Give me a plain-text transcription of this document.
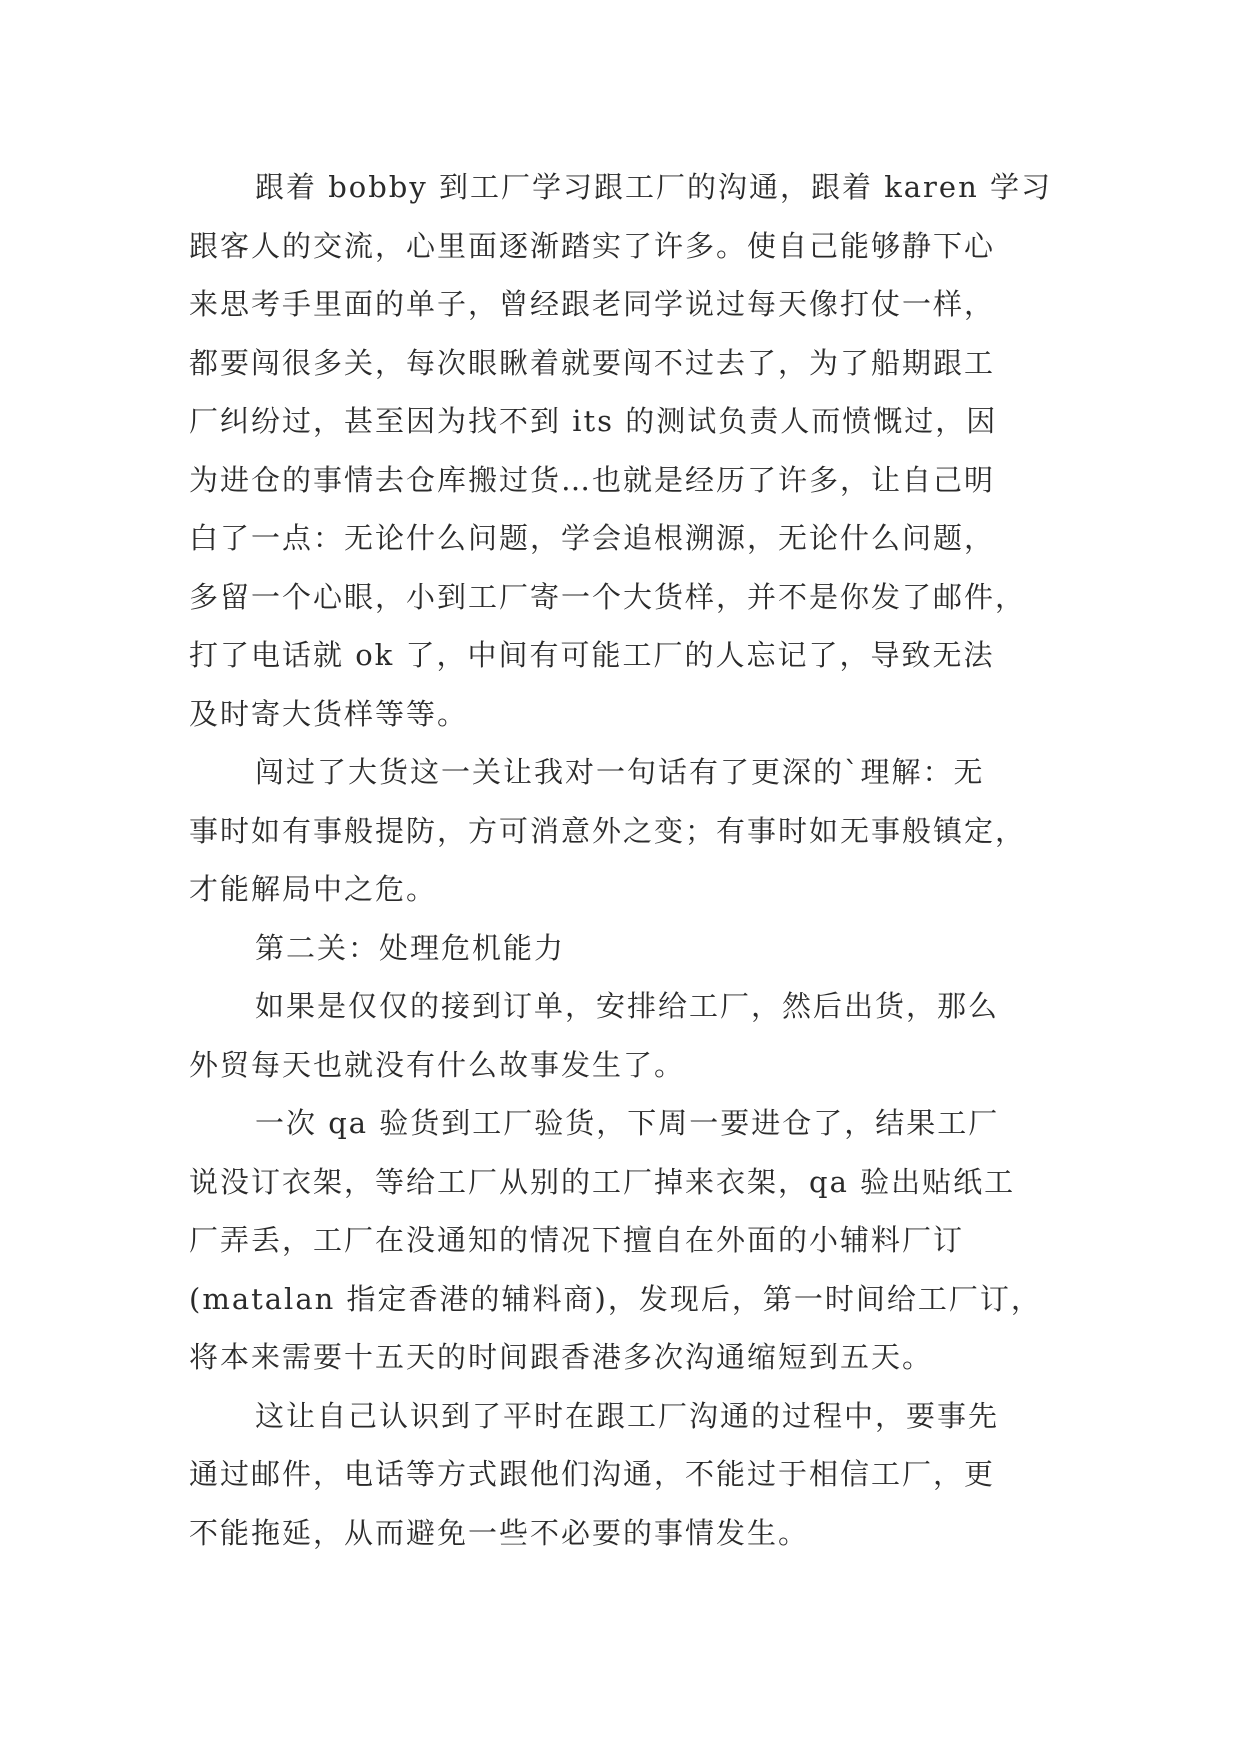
跟着 bobby 到工厂学习跟工厂的沟通，跟着 karen 学习
跟客人的交流，心里面逐渐踏实了许多。使自己能够静下心
来思考手里面的单子，曾经跟老同学说过每天像打仗一样，
都要闯很多关，每次眼瞅着就要闯不过去了，为了船期跟工
厂纠纷过，甚至因为找不到 its 的测试负责人而愤慨过，因
为进仓的事情去仓库搬过货…也就是经历了许多，让自己明
白了一点：无论什么问题，学会追根溯源，无论什么问题，
多留一个心眼，小到工厂寄一个大货样，并不是你发了邮件，
打了电话就 ok 了，中间有可能工厂的人忘记了，导致无法
及时寄大货样等等。
闯过了大货这一关让我对一句话有了更深的`理解：无
事时如有事般提防，方可消意外之变；有事时如无事般镇定，
才能解局中之危。
第二关：处理危机能力
如果是仅仅的接到订单，安排给工厂，然后出货，那么
外贸每天也就没有什么故事发生了。
一次 qa 验货到工厂验货，下周一要进仓了，结果工厂
说没订衣架，等给工厂从别的工厂掉来衣架，qa 验出贴纸工
厂弄丢，工厂在没通知的情况下擅自在外面的小辅料厂订
(matalan 指定香港的辅料商)，发现后，第一时间给工厂订，
将本来需要十五天的时间跟香港多次沟通缩短到五天。
这让自己认识到了平时在跟工厂沟通的过程中，要事先
通过邮件，电话等方式跟他们沟通，不能过于相信工厂，更
不能拖延，从而避免一些不必要的事情发生。
